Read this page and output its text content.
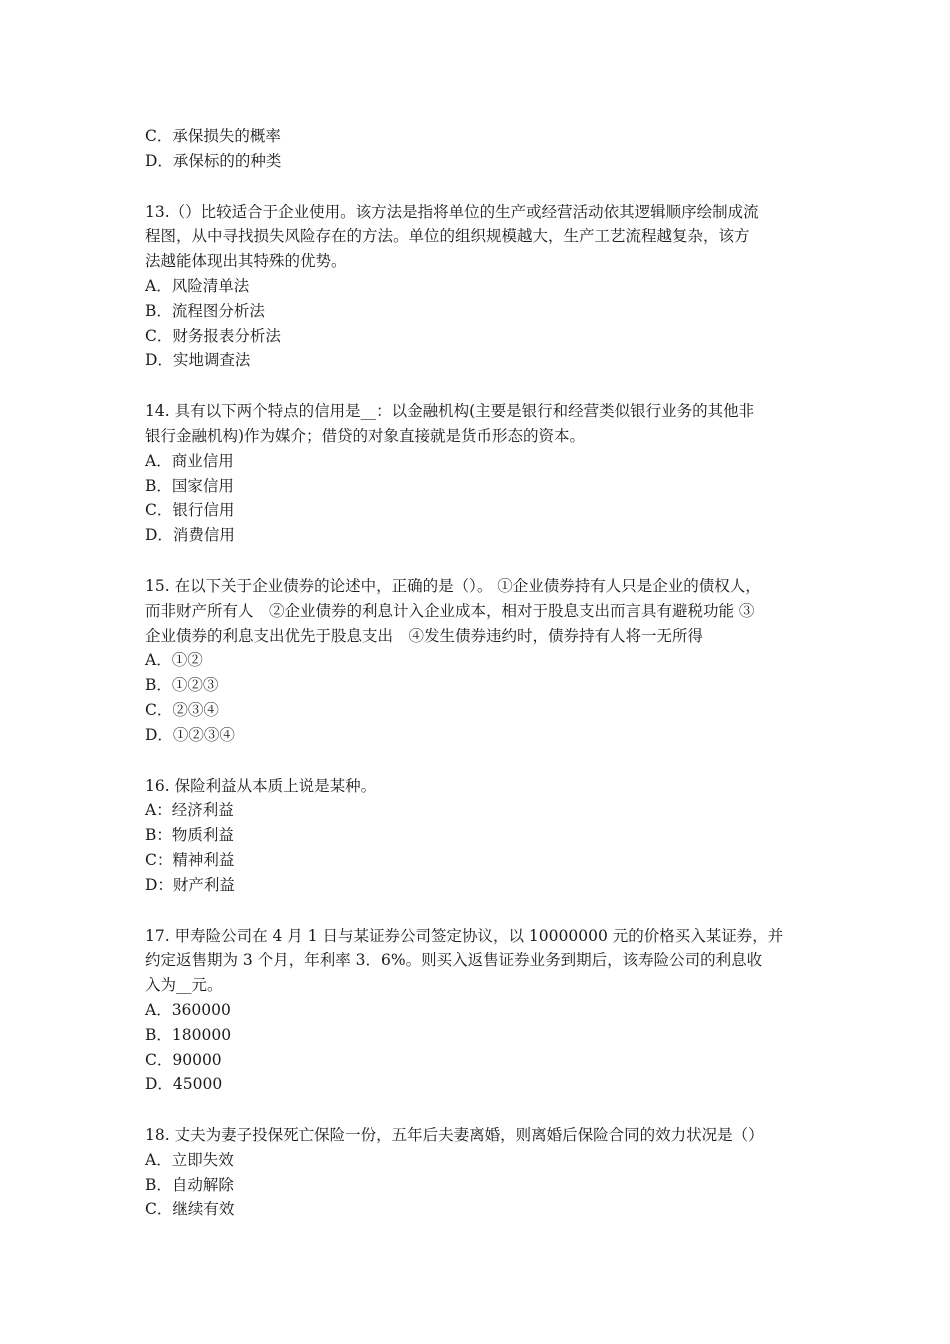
C．承保损失的概率

D．承保标的的种类

13.（）比较适合于企业使用。该方法是指将单位的生产或经营活动依其逻辑顺序绘制成流
程图，从中寻找损失风险存在的方法。单位的组织规模越大，生产工艺流程越复杂，该方
法越能体现出其特殊的优势。

A．风险清单法

B．流程图分析法

C．财务报表分析法

D．实地调查法

14. 具有以下两个特点的信用是__：以金融机构(主要是银行和经营类似银行业务的其他非
银行金融机构)作为媒介；借贷的对象直接就是货币形态的资本。

A．商业信用

B．国家信用

C．银行信用

D．消费信用

15. 在以下关于企业债券的论述中，正确的是（）。 ①企业债券持有人只是企业的债权人，
而非财产所有人　②企业债券的利息计入企业成本，相对于股息支出而言具有避税功能 ③
企业债券的利息支出优先于股息支出　④发生债券违约时，债券持有人将一无所得

A．①②

B．①②③

C．②③④

D．①②③④

16. 保险利益从本质上说是某种。

A：经济利益

B：物质利益

C：精神利益

D：财产利益

17. 甲寿险公司在 4 月 1 日与某证券公司签定协议，以 10000000 元的价格买入某证券，并
约定返售期为 3 个月，年利率 3．6%。则买入返售证券业务到期后，该寿险公司的利息收
入为__元。

A．360000

B．180000

C．90000

D．45000

18. 丈夫为妻子投保死亡保险一份，五年后夫妻离婚，则离婚后保险合同的效力状况是（）

A．立即失效

B．自动解除

C．继续有效
